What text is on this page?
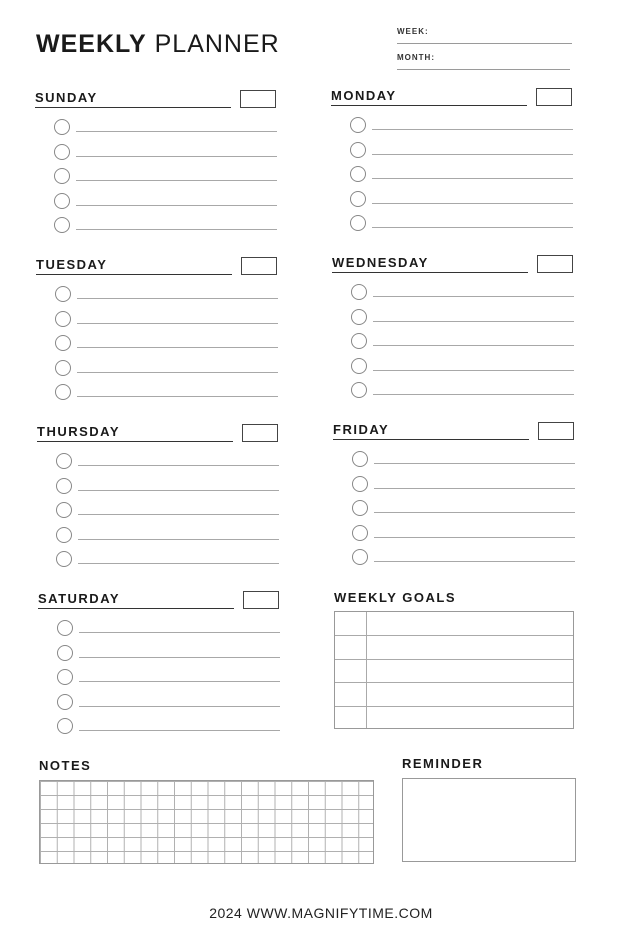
WEEKLY PLANNER	WEEK:
MONTH:
SUNDAY	MONDAY
TUESDAY	WEDNESDAY
THURSDAY	FRIDAY
SATURDAY	WEEKLY GOALS
NOTES	REMINDER
2024 WWW.MAGNIFYTIME.COM
